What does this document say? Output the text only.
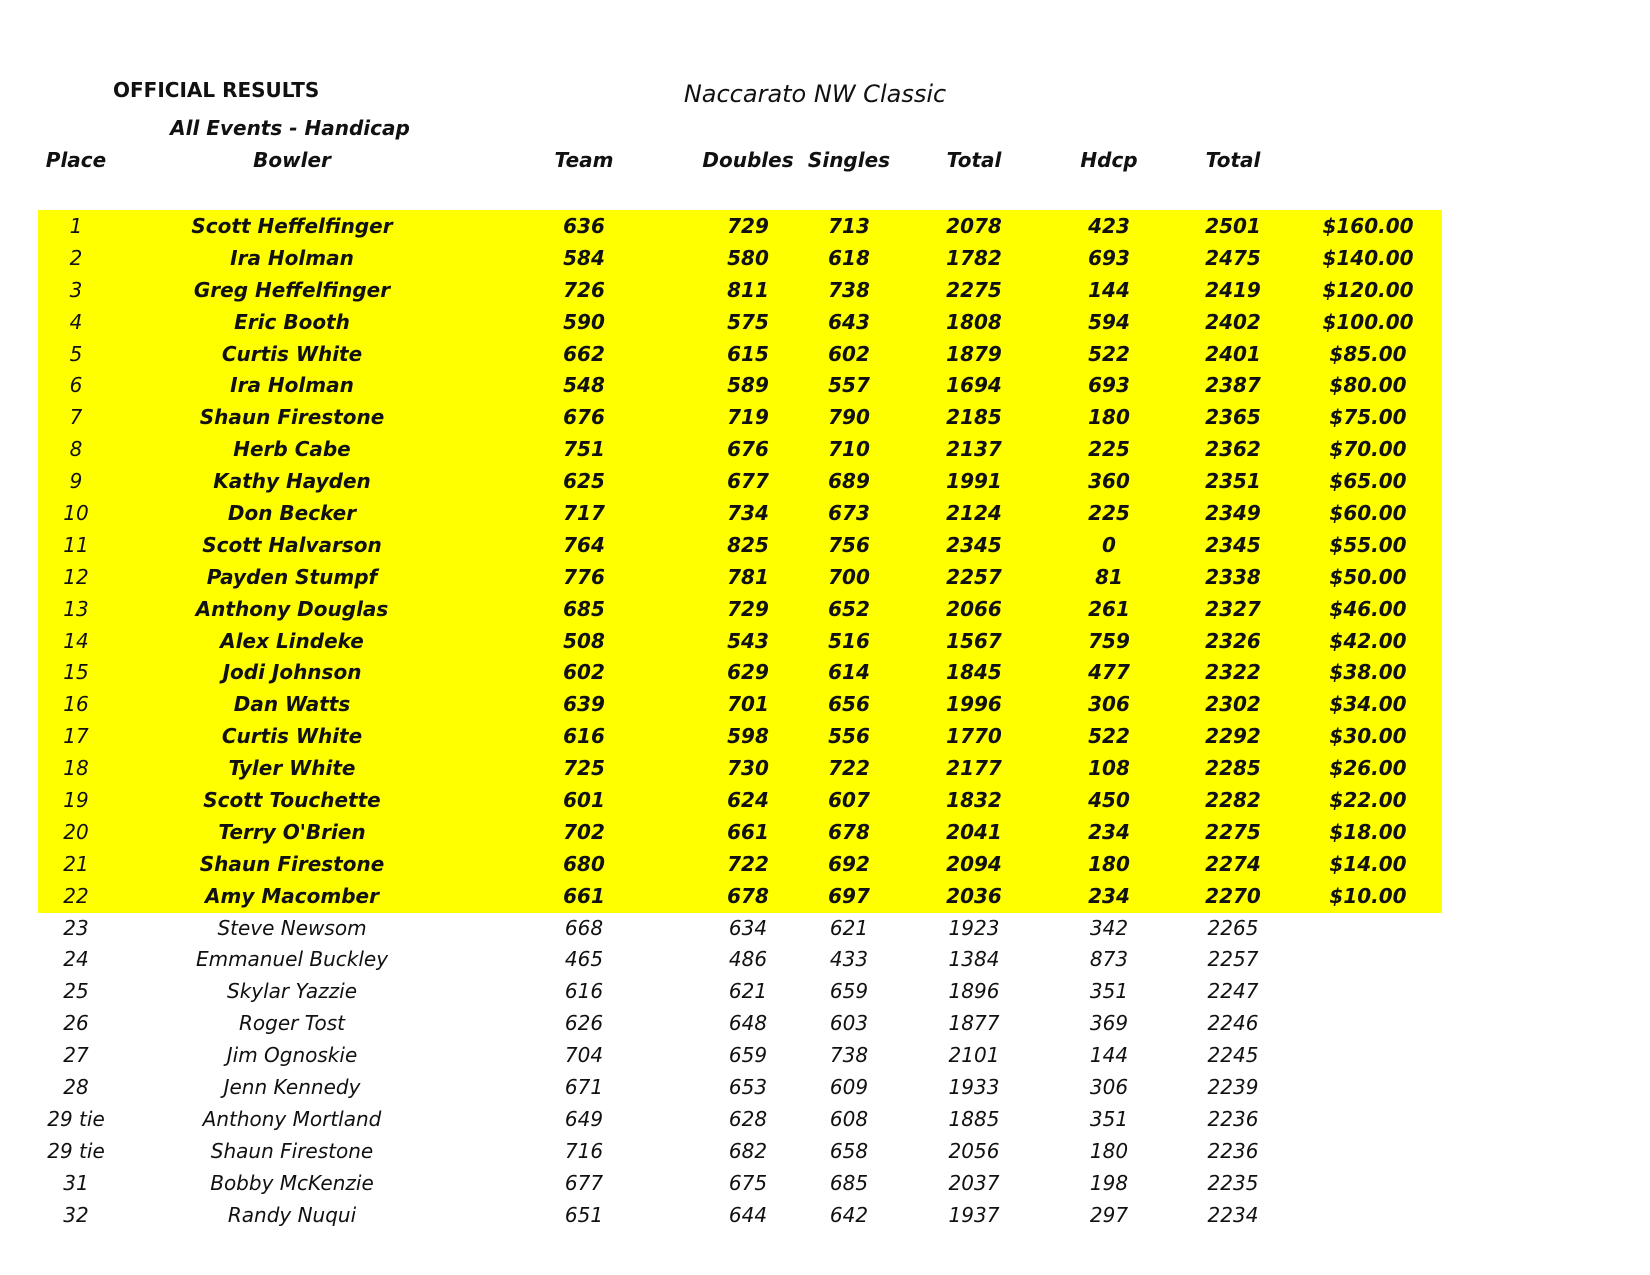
OFFICIAL RESULTS	Naccarato NW Classic
All Events - Handicap
Place	Bowler	Team	Doubles Singles	Total	Hdcp	Total
1	Scott Heffelfinger	636	729	713	2078	423	2501	$160.00
2	Ira Holman	584	580	618	1782	693	2475	$140.00
3	Greg Heffelfinger	726	811	738	2275	144	2419	$120.00
4	Eric Booth	590	575	643	1808	594	2402	$100.00
5	Curtis White	662	615	602	1879	522	2401	$85.00
6	Ira Holman	548	589	557	1694	693	2387	$80.00
7	Shaun Firestone	676	719	790	2185	180	2365	$75.00
8	Herb Cabe	751	676	710	2137	225	2362	$70.00
9	Kathy Hayden	625	677	689	1991	360	2351	$65.00
10	Don Becker	717	734	673	2124	225	2349	$60.00
11	Scott Halvarson	764	825	756	2345	0	2345	$55.00
12	Payden Stumpf	776	781	700	2257	81	2338	$50.00
13	Anthony Douglas	685	729	652	2066	261	2327	$46.00
14	Alex Lindeke	508	543	516	1567	759	2326	$42.00
15	Jodi Johnson	602	629	614	1845	477	2322	$38.00
16	Dan Watts	639	701	656	1996	306	2302	$34.00
17	Curtis White	616	598	556	1770	522	2292	$30.00
18	Tyler White	725	730	722	2177	108	2285	$26.00
19	Scott Touchette	601	624	607	1832	450	2282	$22.00
20	Terry O'Brien	702	661	678	2041	234	2275	$18.00
21	Shaun Firestone	680	722	692	2094	180	2274	$14.00
22	Amy Macomber	661	678	697	2036	234	2270	$10.00
23	Steve Newsom	668	634	621	1923	342	2265
24	Emmanuel Buckley	465	486	433	1384	873	2257
25	Skylar Yazzie	616	621	659	1896	351	2247
26	Roger Tost	626	648	603	1877	369	2246
27	Jim Ognoskie	704	659	738	2101	144	2245
28	Jenn Kennedy	671	653	609	1933	306	2239
29 tie	Anthony Mortland	649	628	608	1885	351	2236
29 tie	Shaun Firestone	716	682	658	2056	180	2236
31	Bobby McKenzie	677	675	685	2037	198	2235
32	Randy Nuqui	651	644	642	1937	297	2234
